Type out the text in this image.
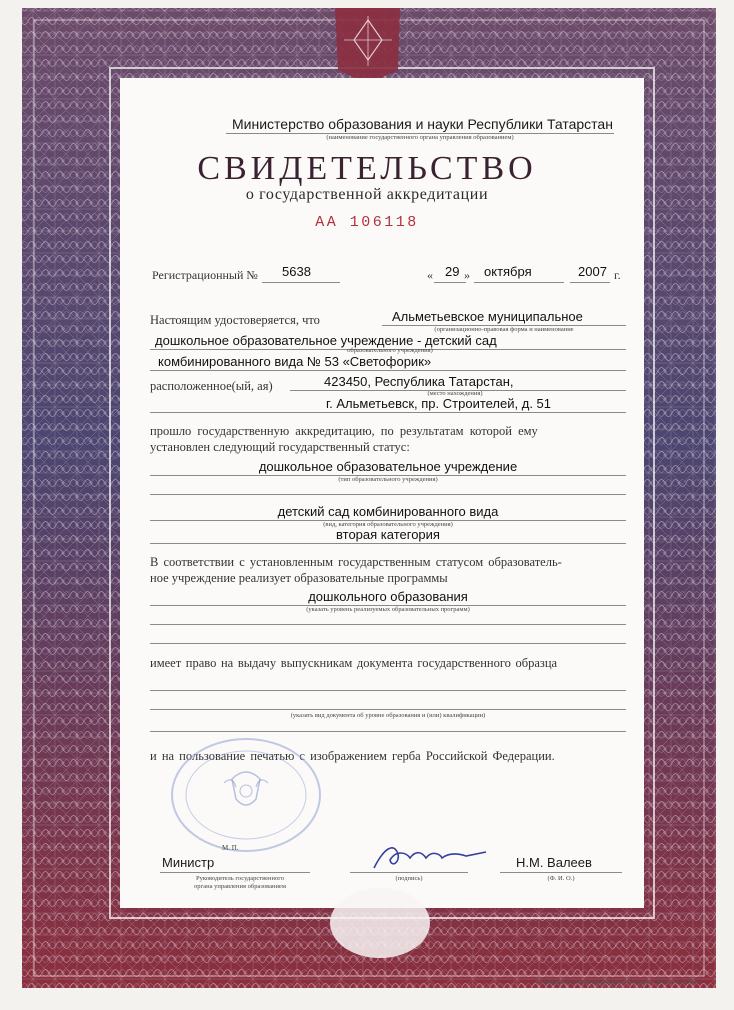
Министерство образования и науки Республики Татарстан
(наименование государственного органа управления образованием)
СВИДЕТЕЛЬСТВО
о государственной аккредитации
АА 106118
Регистрационный № 5638	« 29 » октября	2007 г.
Настоящим удостоверяется, что	Альметьевское муниципальное
(организационно-правовая форма и наименование
дошкольное образовательное учреждение - детский сад
образовательного учреждения)
комбинированного вида № 53 «Светофорик»
расположенное(ый, ая)	423450, Республика Татарстан,
(место нахождения)
г. Альметьевск, пр. Строителей, д. 51
прошло государственную аккредитацию, по результатам которой ему
установлен следующий государственный статус:
дошкольное образовательное учреждение
(тип образовательного учреждения)
детский сад комбинированного вида
(вид, категория образовательного учреждения)
вторая категория
В соответствии с установленным государственным статусом образователь-
ное учреждение реализует образовательные программы
дошкольного образования
(указать уровень реализуемых образовательных программ)
имеет право на выдачу выпускникам документа государственного образца
(указать вид документа об уровне образования и (или) квалификации)
и на пользование печатью с изображением герба Российской Федерации.
Министр
М. П.
Руководитель государственного
органа управления образованием
(подпись)
Н.М. Валеев
(Ф. И. О.)
© Пермская печатная фабрика Гознака. 2001—174300.
